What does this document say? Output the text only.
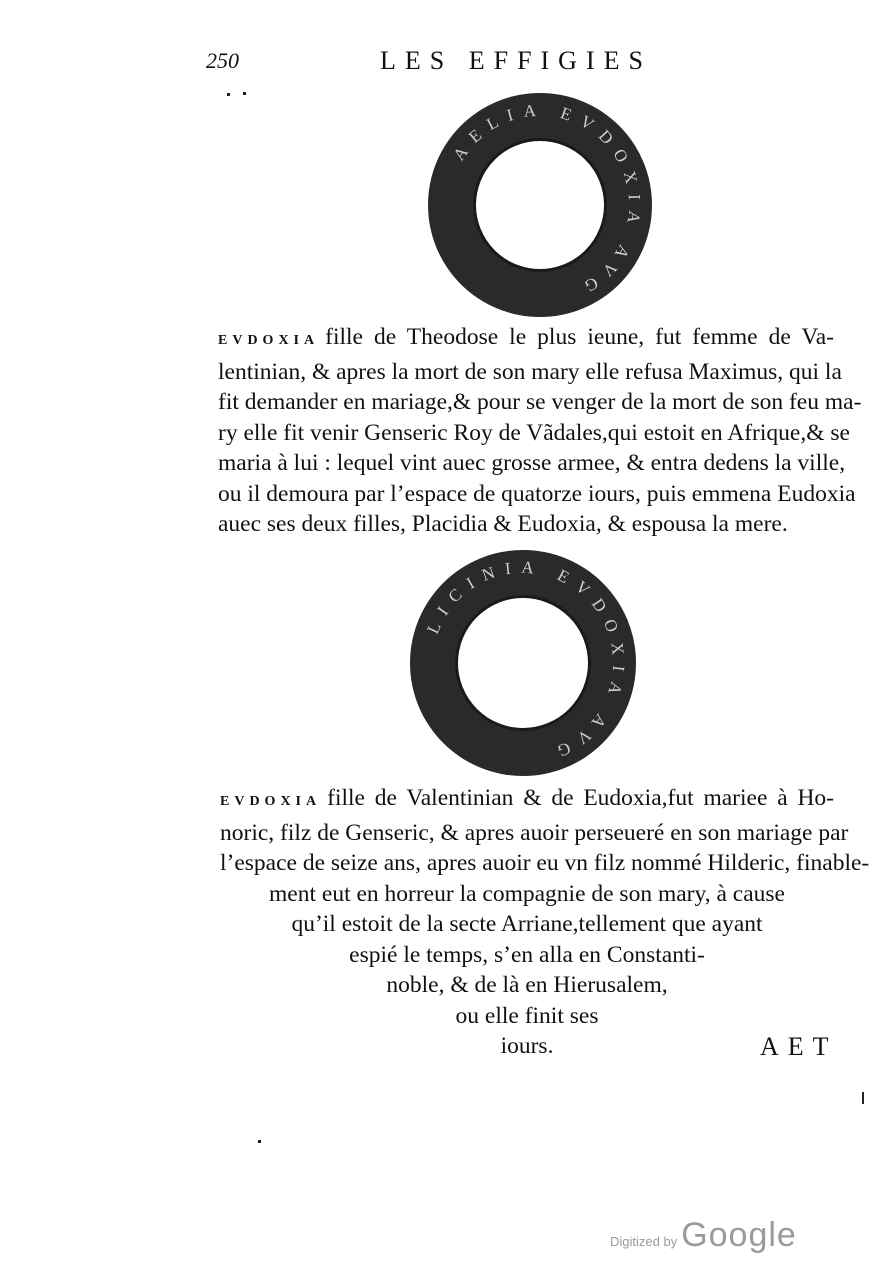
250	LES EFFIGIES
AELIA EVDOXIA AVG
EVDOXIA fille de Theodose le plus ieune, fut femme de Va-
lentinian, & apres la mort de son mary elle refusa Maximus, qui la
fit demander en mariage,& pour se venger de la mort de son feu ma-
ry elle fit venir Genseric Roy de Vãdales,qui estoit en Afrique,& se
maria à lui : lequel vint auec grosse armee, & entra dedens la ville,
ou il demoura par l’espace de quatorze iours, puis emmena Eudoxia
auec ses deux filles, Placidia & Eudoxia, & espousa la mere.
LICINIA EVDOXIA AVG
EVDOXIA fille de Valentinian & de Eudoxia,fut mariee à Ho-
noric, filz de Genseric, & apres auoir perseueré en son mariage par
l’espace de seize ans, apres auoir eu vn filz nommé Hilderic, finable-
ment eut en horreur la compagnie de son mary, à cause
qu’il estoit de la secte Arriane,tellement que ayant
espié le temps, s’en alla en Constanti-
noble, & de là en Hierusalem,
ou elle finit ses
iours.	AET
Digitized by Google
